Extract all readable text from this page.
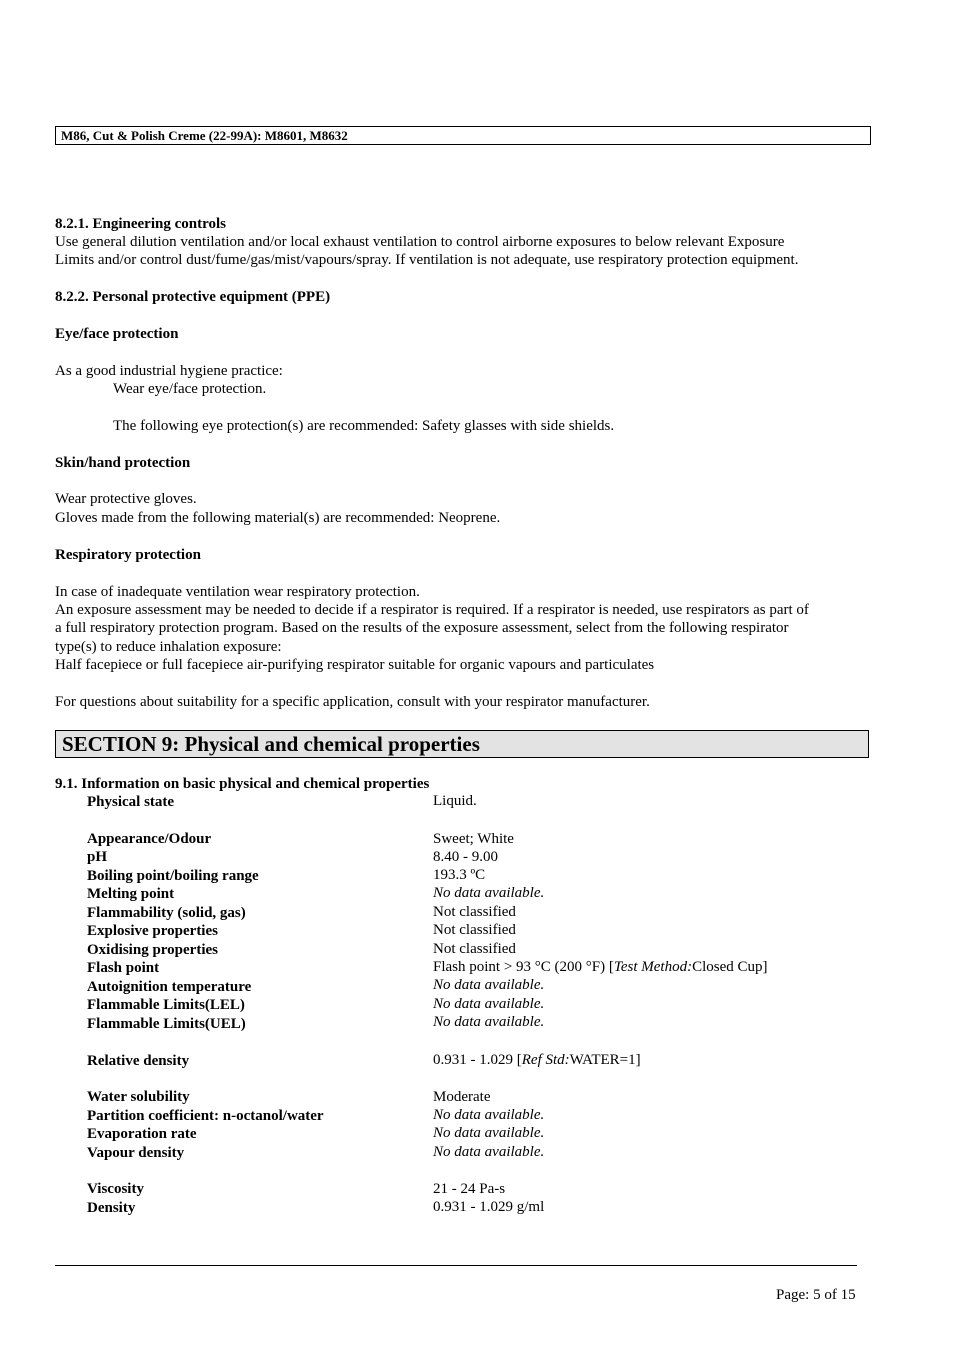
M86, Cut & Polish Creme (22-99A): M8601, M8632
8.2.1. Engineering controls
Use general dilution ventilation and/or local exhaust ventilation to control airborne exposures to below relevant Exposure
Limits and/or control dust/fume/gas/mist/vapours/spray. If ventilation is not adequate, use respiratory protection equipment.
8.2.2. Personal protective equipment (PPE)
Eye/face protection
As a good industrial hygiene practice:
Wear eye/face protection.
The following eye protection(s) are recommended: Safety glasses with side shields.
Skin/hand protection
Wear protective gloves.
Gloves made from the following material(s) are recommended: Neoprene.
Respiratory protection
In case of inadequate ventilation wear respiratory protection.
An exposure assessment may be needed to decide if a respirator is required. If a respirator is needed, use respirators as part of
a full respiratory protection program. Based on the results of the exposure assessment, select from the following respirator
type(s) to reduce inhalation exposure:
Half facepiece or full facepiece air-purifying respirator suitable for organic vapours and particulates
For questions about suitability for a specific application, consult with your respirator manufacturer.
SECTION 9: Physical and chemical properties
9.1. Information on basic physical and chemical properties
Physical state	Liquid.
Appearance/Odour	Sweet; White
pH	8.40 - 9.00
Boiling point/boiling range	193.3 ºC
Melting point	No data available.
Flammability (solid, gas)	Not classified
Explosive properties	Not classified
Oxidising properties	Not classified
Flash point	Flash point > 93 °C (200 °F) [Test Method:Closed Cup]
Autoignition temperature	No data available.
Flammable Limits(LEL)	No data available.
Flammable Limits(UEL)	No data available.
Relative density	0.931 - 1.029 [Ref Std:WATER=1]
Water solubility	Moderate
Partition coefficient: n-octanol/water	No data available.
Evaporation rate	No data available.
Vapour density	No data available.
Viscosity	21 - 24 Pa-s
Density	0.931 - 1.029 g/ml
Page: 5 of 15
